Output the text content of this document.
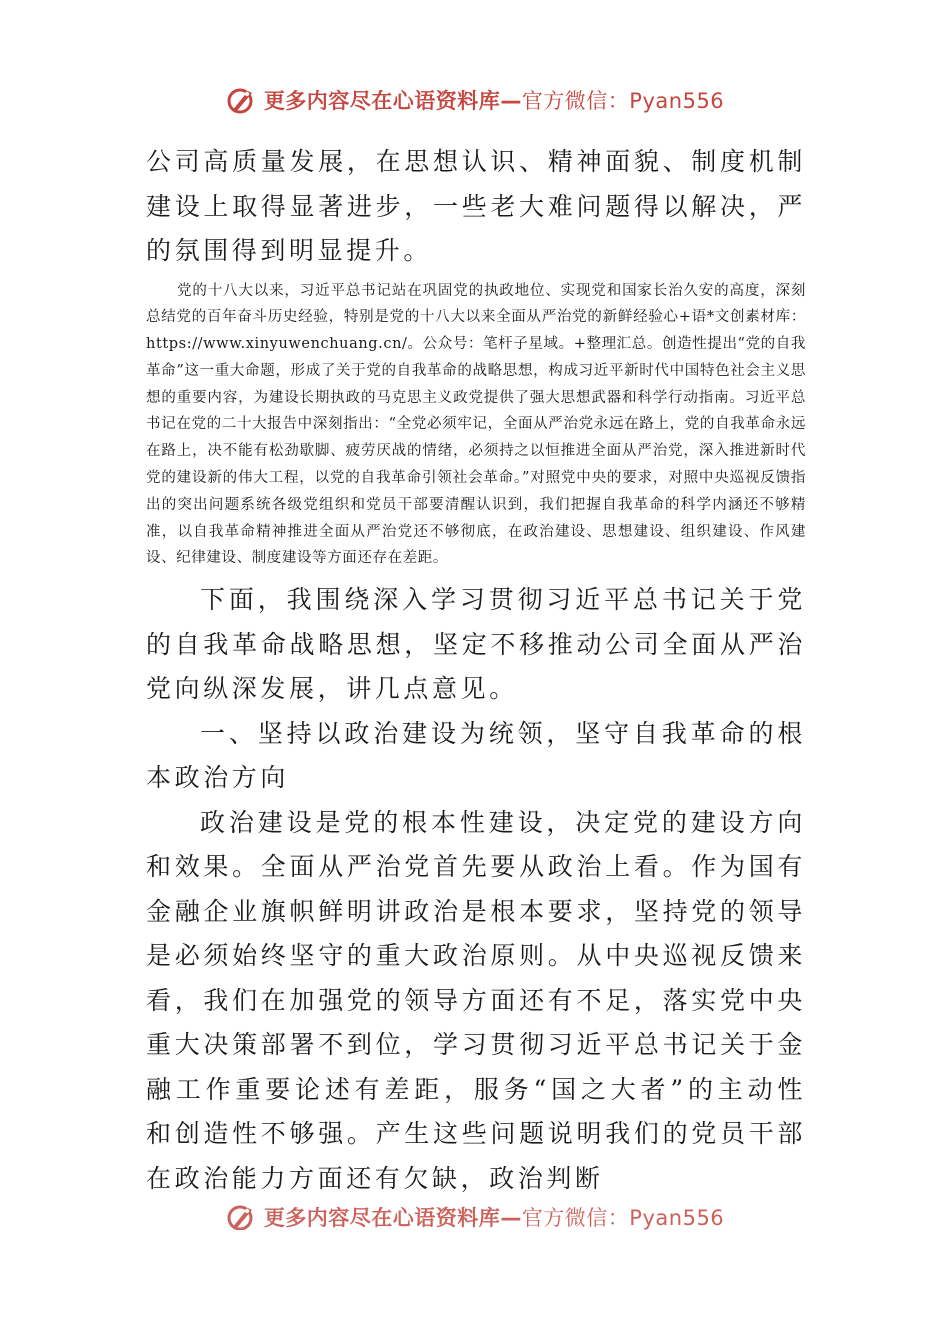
更多内容尽在心语资料库—官方微信：Pyan556

公司高质量发展，在思想认识、精神面貌、制度机制建设上取得显著进步，一些老大难问题得以解决，严的氛围得到明显提升。

党的十八大以来，习近平总书记站在巩固党的执政地位、实现党和国家长治久安的高度，深刻总结党的百年奋斗历史经验，特别是党的十八大以来全面从严治党的新鲜经验心+语*文创素材库：https://www.xinyuwenchuang.cn/。公众号：笔杆子星域。+整理汇总。创造性提出“党的自我革命”这一重大命题，形成了关于党的自我革命的战略思想，构成习近平新时代中国特色社会主义思想的重要内容，为建设长期执政的马克思主义政党提供了强大思想武器和科学行动指南。习近平总书记在党的二十大报告中深刻指出：“全党必须牢记，全面从严治党永远在路上，党的自我革命永远在路上，决不能有松劲歇脚、疲劳厌战的情绪，必须持之以恒推进全面从严治党，深入推进新时代党的建设新的伟大工程，以党的自我革命引领社会革命。”对照党中央的要求，对照中央巡视反馈指出的突出问题系统各级党组织和党员干部要清醒认识到，我们把握自我革命的科学内涵还不够精准，以自我革命精神推进全面从严治党还不够彻底，在政治建设、思想建设、组织建设、作风建设、纪律建设、制度建设等方面还存在差距。

下面，我围绕深入学习贯彻习近平总书记关于党的自我革命战略思想，坚定不移推动公司全面从严治党向纵深发展，讲几点意见。

一、坚持以政治建设为统领，坚守自我革命的根本政治方向

政治建设是党的根本性建设，决定党的建设方向和效果。全面从严治党首先要从政治上看。作为国有金融企业旗帜鲜明讲政治是根本要求，坚持党的领导是必须始终坚守的重大政治原则。从中央巡视反馈来看，我们在加强党的领导方面还有不足，落实党中央重大决策部署不到位，学习贯彻习近平总书记关于金融工作重要论述有差距，服务“国之大者”的主动性和创造性不够强。产生这些问题说明我们的党员干部在政治能力方面还有欠缺，政治判断

更多内容尽在心语资料库—官方微信：Pyan556
